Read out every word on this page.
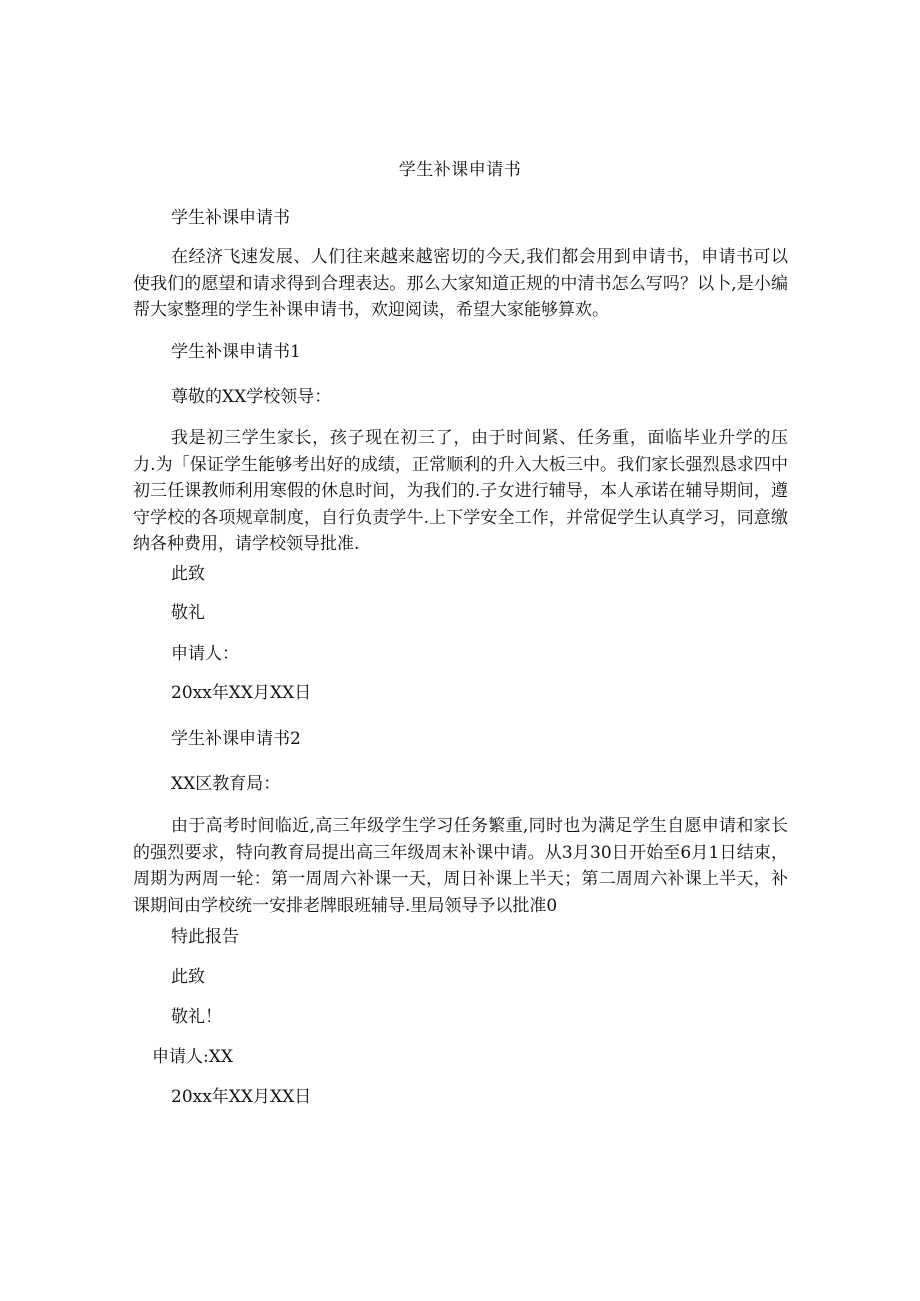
学生补课申请书
学生补课申请书

在经济飞速发展、人们往来越来越密切的今天,我们都会用到申请书，申请书可以使我们的愿望和请求得到合理表达。那么大家知道正规的中清书怎么写吗？以卜,是小编帮大家整理的学生补课申请书，欢迎阅读，希望大家能够算欢。

学生补课申请书1
尊敬的XX学校领导：

我是初三学生家长，孩子现在初三了，由于时间紧、任务重，面临毕业升学的压力.为「保证学生能够考出好的成绩，正常顺利的升入大板三中。我们家长强烈恳求四中初三任课教师利用寒假的休息时间，为我们的.子女进行辅导，本人承诺在辅导期间，遵守学校的各项规章制度，自行负责学牛.上下学安全工作，并常促学生认真学习，同意缴纳各种费用，请学校领导批准.

此致
敬礼
申请人：
20xx年XX月XX日
学生补课申请书2
XX区教育局：

由于高考时间临近,高三年级学生学习任务繁重,同时也为满足学生自愿申请和家长的强烈要求，特向教育局提出高三年级周末补课中请。从3月30日开始至6月1日结束，周期为两周一轮：第一周周六补课一天，周日补课上半天；第二周周六补课上半天，补课期间由学校统一安排老牌眼班辅导.里局领导予以批准0

特此报告
此致
敬礼！
申请人:XX
20xx年XX月XX日
